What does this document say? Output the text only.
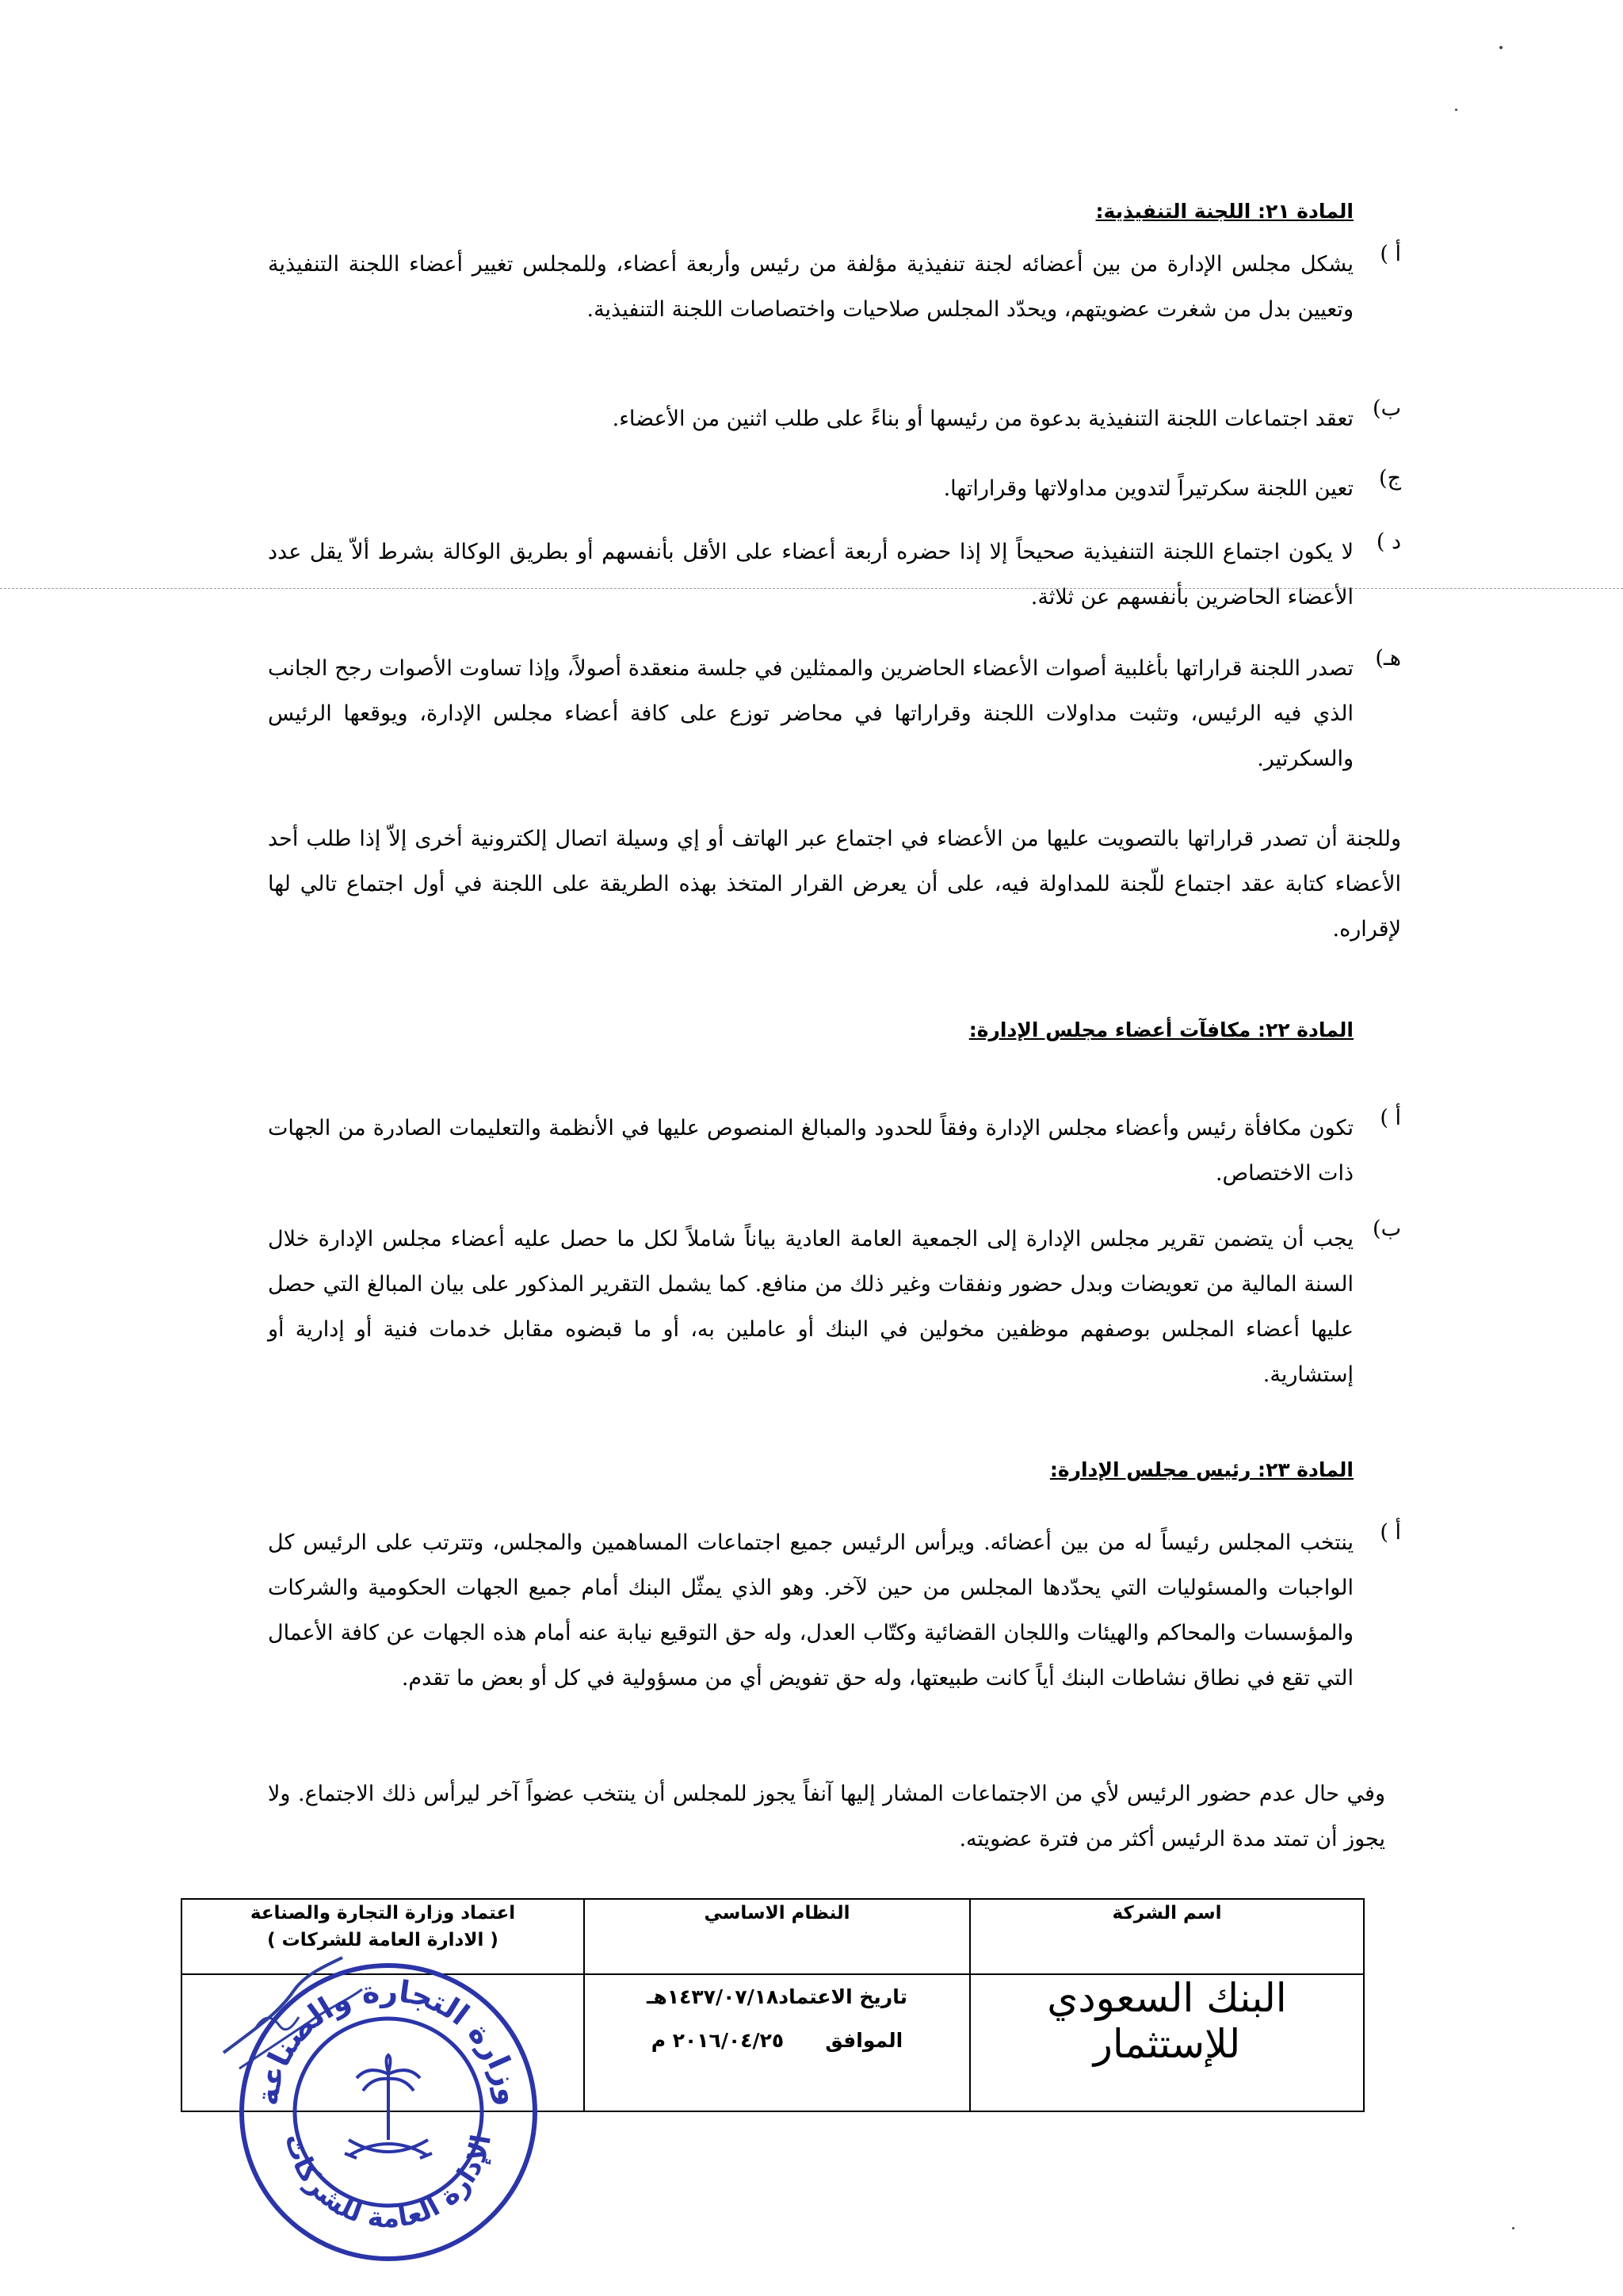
المادة ٢١: اللجنة التنفيذية:
أ )
يشكل مجلس الإدارة من بين أعضائه لجنة تنفيذية مؤلفة من رئيس وأربعة أعضاء، وللمجلس تغيير أعضاء اللجنة التنفيذية وتعيين بدل من شغرت عضويتهم، ويحدّد المجلس صلاحيات واختصاصات اللجنة التنفيذية.
ب)
تعقد اجتماعات اللجنة التنفيذية بدعوة من رئيسها أو بناءً على طلب اثنين من الأعضاء.
ج)
تعين اللجنة سكرتيراً لتدوين مداولاتها وقراراتها.
د )
لا يكون اجتماع اللجنة التنفيذية صحيحاً إلا إذا حضره أربعة أعضاء على الأقل بأنفسهم أو بطريق الوكالة بشرط ألاّ يقل عدد الأعضاء الحاضرين بأنفسهم عن ثلاثة.
هـ)
تصدر اللجنة قراراتها بأغلبية أصوات الأعضاء الحاضرين والممثلين في جلسة منعقدة أصولاً، وإذا تساوت الأصوات رجح الجانب الذي فيه الرئيس، وتثبت مداولات اللجنة وقراراتها في محاضر توزع على كافة أعضاء مجلس الإدارة، ويوقعها الرئيس والسكرتير.
وللجنة أن تصدر قراراتها بالتصويت عليها من الأعضاء في اجتماع عبر الهاتف أو إي وسيلة اتصال إلكترونية أخرى إلاّ إذا طلب أحد الأعضاء كتابة عقد اجتماع للّجنة للمداولة فيه، على أن يعرض القرار المتخذ بهذه الطريقة على اللجنة في أول اجتماع تالي لها لإقراره.
المادة ٢٢: مكافآت أعضاء مجلس الإدارة:
أ )
تكون مكافأة رئيس وأعضاء مجلس الإدارة وفقاً للحدود والمبالغ المنصوص عليها في الأنظمة والتعليمات الصادرة من الجهات ذات الاختصاص.
ب)
يجب أن يتضمن تقرير مجلس الإدارة إلى الجمعية العامة العادية بياناً شاملاً لكل ما حصل عليه أعضاء مجلس الإدارة خلال السنة المالية من تعويضات وبدل حضور ونفقات وغير ذلك من منافع. كما يشمل التقرير المذكور على بيان المبالغ التي حصل عليها أعضاء المجلس بوصفهم موظفين مخولين في البنك أو عاملين به، أو ما قبضوه مقابل خدمات فنية أو إدارية أو إستشارية.
المادة ٢٣: رئيس مجلس الإدارة:
أ )
ينتخب المجلس رئيساً له من بين أعضائه. ويرأس الرئيس جميع اجتماعات المساهمين والمجلس، وتترتب على الرئيس كل الواجبات والمسئوليات التي يحدّدها المجلس من حين لآخر. وهو الذي يمثّل البنك أمام جميع الجهات الحكومية والشركات والمؤسسات والمحاكم والهيئات واللجان القضائية وكتّاب العدل، وله حق التوقيع نيابة عنه أمام هذه الجهات عن كافة الأعمال التي تقع في نطاق نشاطات البنك أياً كانت طبيعتها، وله حق تفويض أي من مسؤولية في كل أو بعض ما تقدم.
وفي حال عدم حضور الرئيس لأي من الاجتماعات المشار إليها آنفاً يجوز للمجلس أن ينتخب عضواً آخر ليرأس ذلك الاجتماع. ولا يجوز أن تمتد مدة الرئيس أكثر من فترة عضويته.
اسم الشركة	النظام الاساسي	اعتماد وزارة التجارة والصناعة
( الادارة العامة للشركات )

البنك السعودي للإستثمار	تاريخ الاعتماد١٤٣٧/٠٧/١٨هـ
الموافق      ٢٠١٦/٠٤/٢٥ م	

وزارة التجارة والصناعة
الإدارة العامة للشركات
